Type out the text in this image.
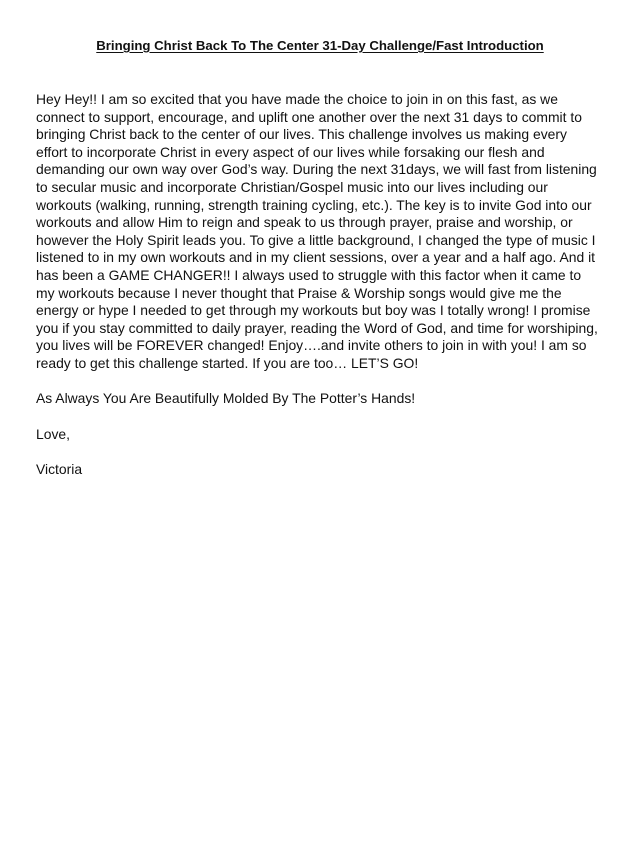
Bringing Christ Back To The Center 31-Day Challenge/Fast Introduction

Hey Hey!! I am so excited that you have made the choice to join in on this fast, as we connect to support, encourage, and uplift one another over the next 31 days to commit to bringing Christ back to the center of our lives. This challenge involves us making every effort to incorporate Christ in every aspect of our lives while forsaking our flesh and demanding our own way over God’s way. During the next 31days, we will fast from listening to secular music and incorporate Christian/Gospel music into our lives including our workouts (walking, running, strength training cycling, etc.). The key is to invite God into our workouts and allow Him to reign and speak to us through prayer, praise and worship, or however the Holy Spirit leads you. To give a little background, I changed the type of music I listened to in my own workouts and in my client sessions, over a year and a half ago. And it has been a GAME CHANGER!! I always used to struggle with this factor when it came to my workouts because I never thought that Praise & Worship songs would give me the energy or hype I needed to get through my workouts but boy was I totally wrong! I promise you if you stay committed to daily prayer, reading the Word of God, and time for worshiping, you lives will be FOREVER changed! Enjoy….and invite others to join in with you! I am so ready to get this challenge started. If you are too… LET’S GO!

As Always You Are Beautifully Molded By The Potter’s Hands!

Love,

Victoria
